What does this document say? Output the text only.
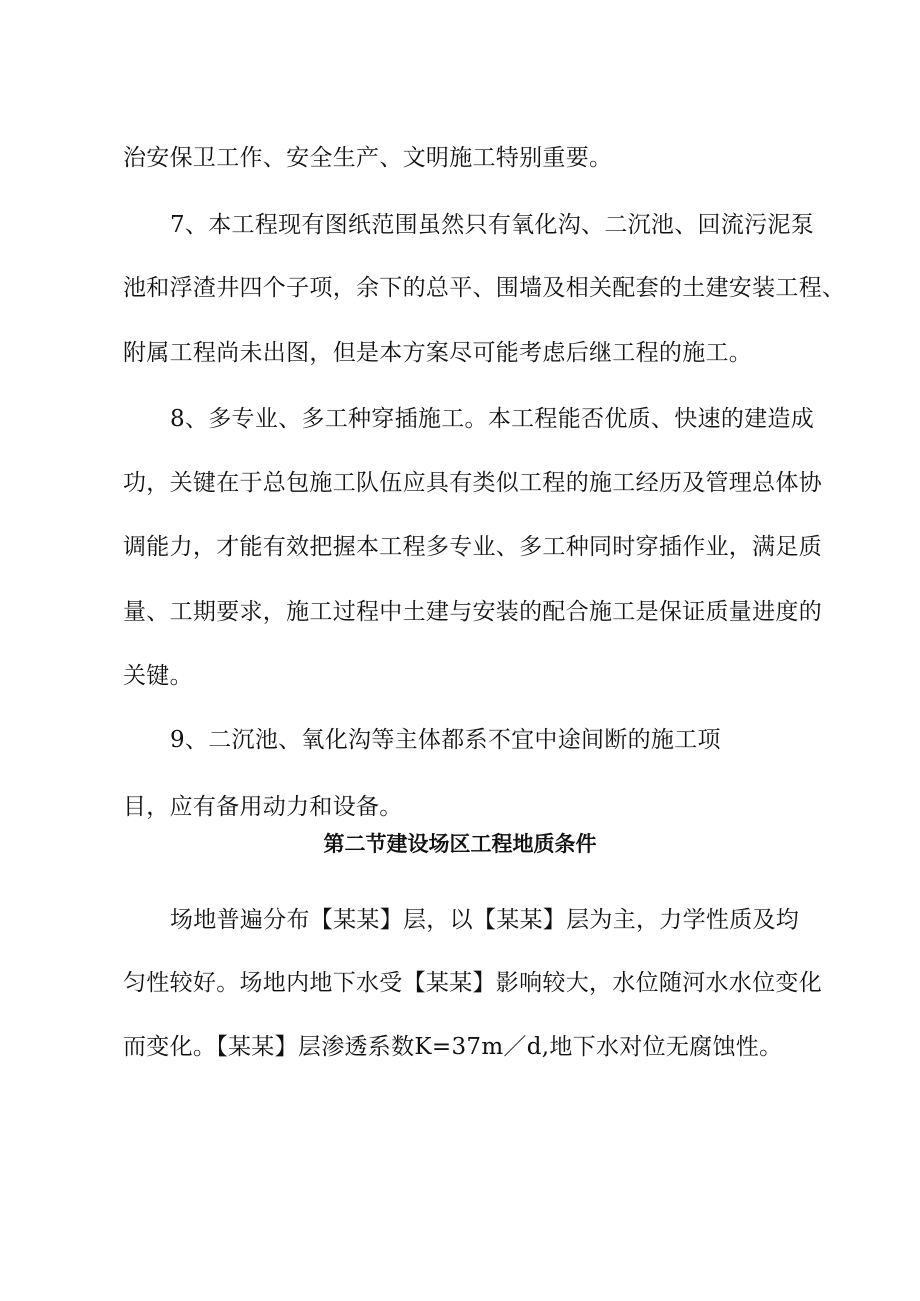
治安保卫工作、安全生产、文明施工特别重要。
7、本工程现有图纸范围虽然只有氧化沟、二沉池、回流污泥泵
池和浮渣井四个子项，余下的总平、围墙及相关配套的土建安装工程、
附属工程尚未出图，但是本方案尽可能考虑后继工程的施工。
8、多专业、多工种穿插施工。本工程能否优质、快速的建造成
功，关键在于总包施工队伍应具有类似工程的施工经历及管理总体协
调能力，才能有效把握本工程多专业、多工种同时穿插作业，满足质
量、工期要求，施工过程中土建与安装的配合施工是保证质量进度的
关键。
9、二沉池、氧化沟等主体都系不宜中途间断的施工项
目，应有备用动力和设备。
第二节建设场区工程地质条件
场地普遍分布【某某】层，以【某某】层为主，力学性质及均
匀性较好。场地内地下水受【某某】影响较大，水位随河水水位变化
而变化。【某某】层渗透系数K=37m／d,地下水对位无腐蚀性。
